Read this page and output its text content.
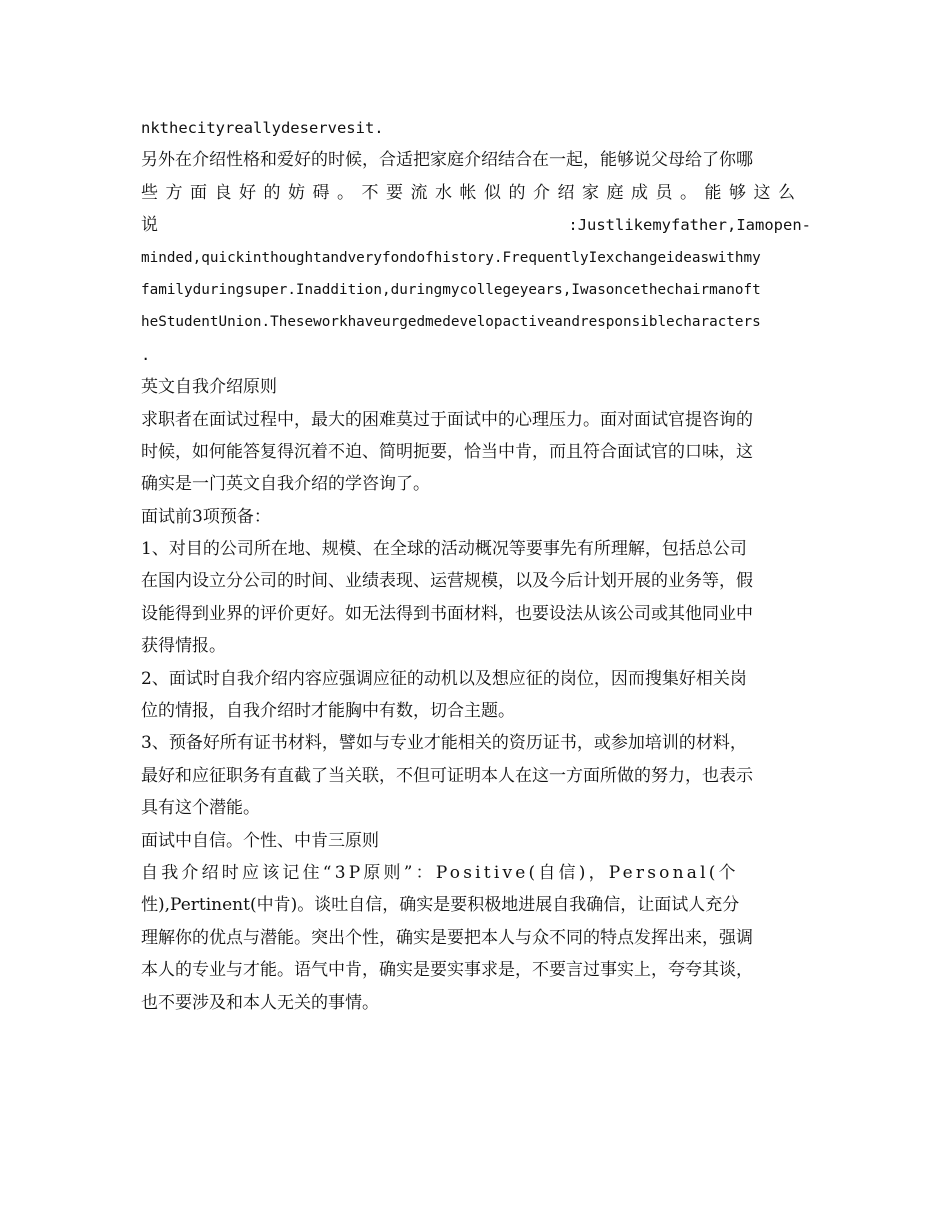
nkthecityreallydeservesit.
另外在介绍性格和爱好的时候，合适把家庭介绍结合在一起，能够说父母给了你哪
些方面良好的妨碍。不要流水帐似的介绍家庭成员。能够这么
说	:Justlikemyfather,Iamopen-
minded,quickinthoughtandveryfondofhistory.FrequentlyIexchangeideaswithmy
familyduringsuper.Inaddition,duringmycollegeyears,Iwasoncethechairmanoft
heStudentUnion.Theseworkhaveurgedmedevelopactiveandresponsiblecharacters
.
英文自我介绍原则
求职者在面试过程中，最大的困难莫过于面试中的心理压力。面对面试官提咨询的
时候，如何能答复得沉着不迫、简明扼要，恰当中肯，而且符合面试官的口味，这
确实是一门英文自我介绍的学咨询了。
面试前3项预备：
1、对目的公司所在地、规模、在全球的活动概况等要事先有所理解，包括总公司
在国内设立分公司的时间、业绩表现、运营规模，以及今后计划开展的业务等，假
设能得到业界的评价更好。如无法得到书面材料，也要设法从该公司或其他同业中
获得情报。
2、面试时自我介绍内容应强调应征的动机以及想应征的岗位，因而搜集好相关岗
位的情报，自我介绍时才能胸中有数，切合主题。
3、预备好所有证书材料，譬如与专业才能相关的资历证书，或参加培训的材料，
最好和应征职务有直截了当关联，不但可证明本人在这一方面所做的努力，也表示
具有这个潜能。
面试中自信。个性、中肯三原则
自我介绍时应该记住“3P原则”：Positive(自信)，Personal(个
性),Pertinent(中肯)。谈吐自信，确实是要积极地进展自我确信，让面试人充分
理解你的优点与潜能。突出个性，确实是要把本人与众不同的特点发挥出来，强调
本人的专业与才能。语气中肯，确实是要实事求是，不要言过事实上，夸夸其谈，
也不要涉及和本人无关的事情。
